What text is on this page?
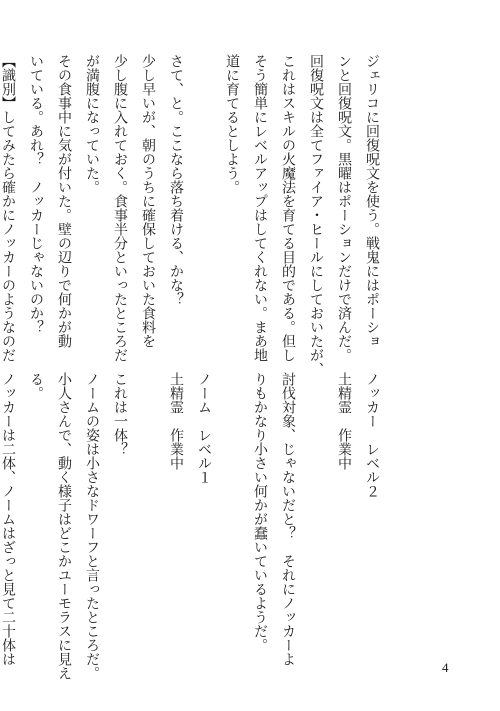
ジェリコに回復呪文を使う。戦鬼にはポーショ
ンと回復呪文。黒曜はポーションだけで済んだ。
回復呪文は全てファイア・ヒールにしておいたが、
これはスキルの火魔法を育てる目的である。但し
そう簡単にレベルアップはしてくれない。まあ地
道に育てるとしよう。
さて、と。ここなら落ち着ける、かな？
少し早いが、朝のうちに確保しておいた食料を
少し腹に入れておく。食事半分といったところだ
が満腹になっていた。
その食事中に気が付いた。壁の辺りで何かが動
いている。あれ？　ノッカーじゃないのか？
【識別】してみたら確かにノッカーのようなのだ
ノッカー　レベル２
土精霊　作業中
討伐対象、じゃないだと？　それにノッカーよ
りもかなり小さい何かが蠢いているようだ。
ノーム　レベル１
土精霊　作業中
これは一体？
ノームの姿は小さなドワーフと言ったところだ。
小人さんで、動く様子はどこかユーモラスに見え
る。
ノッカーは二体、ノームはざっと見て二十体は
4
